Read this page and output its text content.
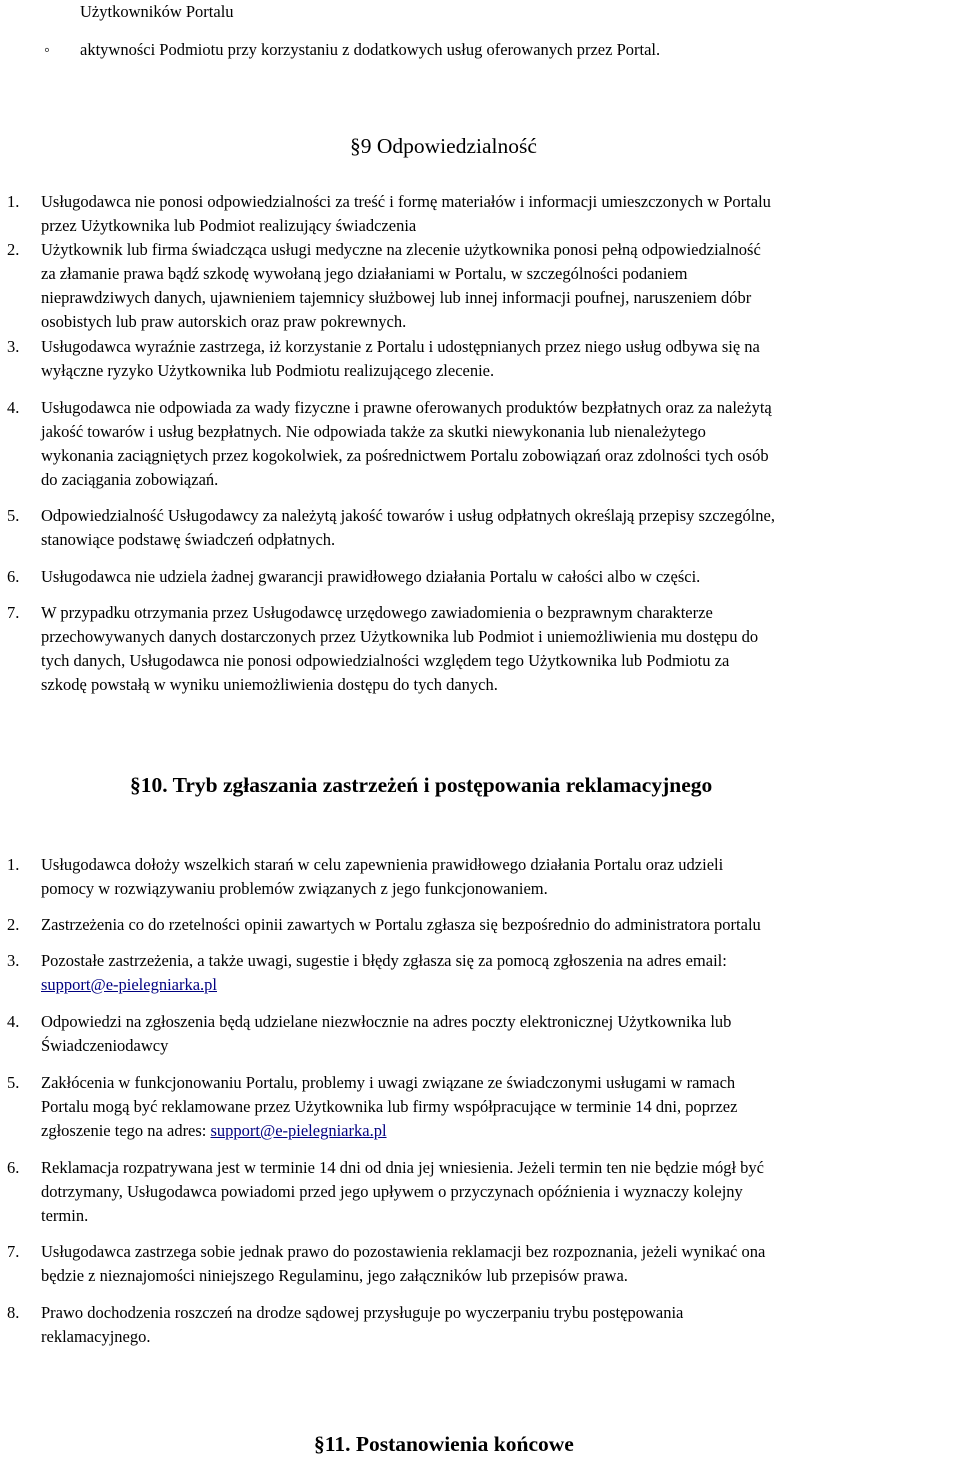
Użytkowników Portalu
◦ aktywności Podmiotu przy korzystaniu z dodatkowych usług oferowanych przez Portal.
§9 Odpowiedzialność
1. Usługodawca nie ponosi odpowiedzialności za treść i formę materiałów i informacji umieszczonych w Portalu
przez Użytkownika lub Podmiot realizujący świadczenia
2. Użytkownik lub firma świadcząca usługi medyczne na zlecenie użytkownika ponosi pełną odpowiedzialność
za złamanie prawa bądź szkodę wywołaną jego działaniami w Portalu, w szczególności podaniem
nieprawdziwych danych, ujawnieniem tajemnicy służbowej lub innej informacji poufnej, naruszeniem dóbr
osobistych lub praw autorskich oraz praw pokrewnych.
3. Usługodawca wyraźnie zastrzega, iż korzystanie z Portalu i udostępnianych przez niego usług odbywa się na
wyłączne ryzyko Użytkownika lub Podmiotu realizującego zlecenie.
4. Usługodawca nie odpowiada za wady fizyczne i prawne oferowanych produktów bezpłatnych oraz za należytą
jakość towarów i usług bezpłatnych. Nie odpowiada także za skutki niewykonania lub nienależytego
wykonania zaciągniętych przez kogokolwiek, za pośrednictwem Portalu zobowiązań oraz zdolności tych osób
do zaciągania zobowiązań.
5. Odpowiedzialność Usługodawcy za należytą jakość towarów i usług odpłatnych określają przepisy szczególne,
stanowiące podstawę świadczeń odpłatnych.
6. Usługodawca nie udziela żadnej gwarancji prawidłowego działania Portalu w całości albo w części.
7. W przypadku otrzymania przez Usługodawcę urzędowego zawiadomienia o bezprawnym charakterze
przechowywanych danych dostarczonych przez Użytkownika lub Podmiot i uniemożliwienia mu dostępu do
tych danych, Usługodawca nie ponosi odpowiedzialności względem tego Użytkownika lub Podmiotu za
szkodę powstałą w wyniku uniemożliwienia dostępu do tych danych.
§10. Tryb zgłaszania zastrzeżeń i postępowania reklamacyjnego
1. Usługodawca dołoży wszelkich starań w celu zapewnienia prawidłowego działania Portalu oraz udzieli
pomocy w rozwiązywaniu problemów związanych z jego funkcjonowaniem.
2. Zastrzeżenia co do rzetelności opinii zawartych w Portalu zgłasza się bezpośrednio do administratora portalu
3. Pozostałe zastrzeżenia, a także uwagi, sugestie i błędy zgłasza się za pomocą zgłoszenia na adres email:
support@e-pielegniarka.pl
4. Odpowiedzi na zgłoszenia będą udzielane niezwłocznie na adres poczty elektronicznej Użytkownika lub
Świadczeniodawcy
5. Zakłócenia w funkcjonowaniu Portalu, problemy i uwagi związane ze świadczonymi usługami w ramach
Portalu mogą być reklamowane przez Użytkownika lub firmy współpracujące w terminie 14 dni, poprzez
zgłoszenie tego na adres: support@e-pielegniarka.pl
6. Reklamacja rozpatrywana jest w terminie 14 dni od dnia jej wniesienia. Jeżeli termin ten nie będzie mógł być
dotrzymany, Usługodawca powiadomi przed jego upływem o przyczynach opóźnienia i wyznaczy kolejny
termin.
7. Usługodawca zastrzega sobie jednak prawo do pozostawienia reklamacji bez rozpoznania, jeżeli wynikać ona
będzie z nieznajomości niniejszego Regulaminu, jego załączników lub przepisów prawa.
8. Prawo dochodzenia roszczeń na drodze sądowej przysługuje po wyczerpaniu trybu postępowania
reklamacyjnego.
§11. Postanowienia końcowe
